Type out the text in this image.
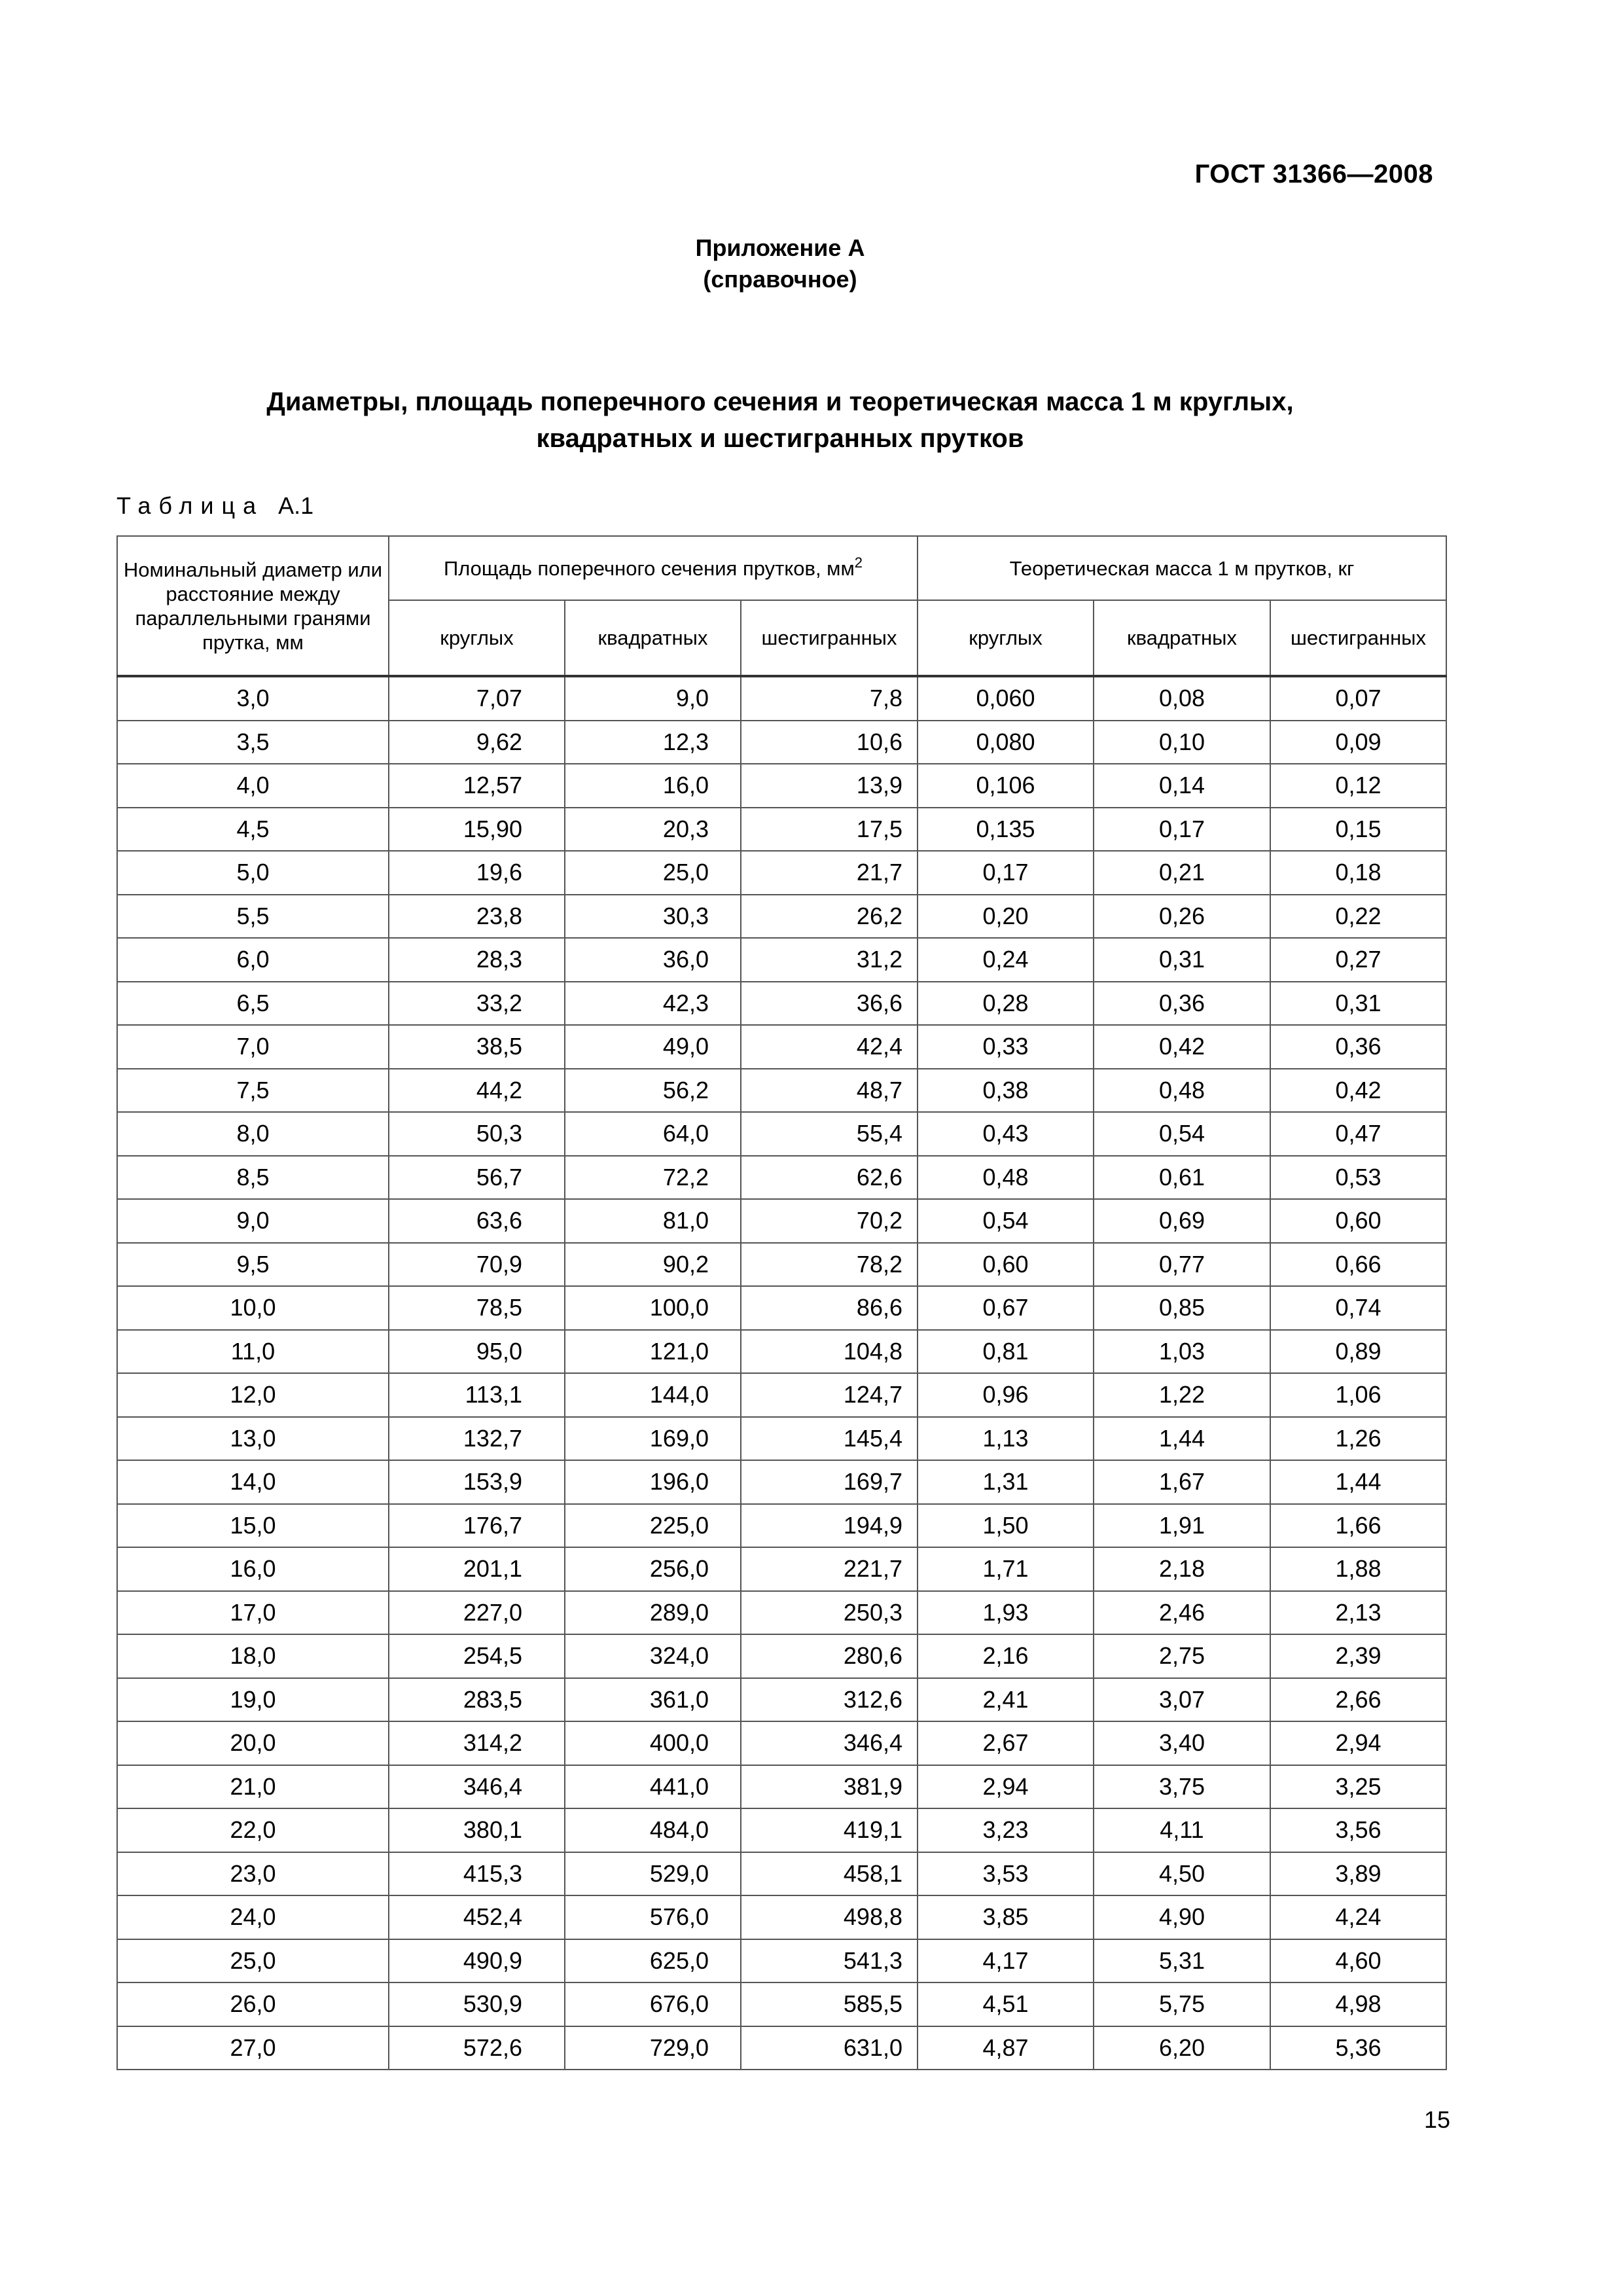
ГОСТ 31366—2008
Приложение А
(справочное)
Диаметры, площадь поперечного сечения и теоретическая масса 1 м круглых,
квадратных и шестигранных прутков
Таблица А.1
Номинальный диаметр или расстояние между параллельными гранями прутка, мм	Площадь поперечного сечения прутков, $мм^2$			Теоретическая масса 1 м прутков, кг		
	круглых	квадратных	шестигранных	круглых	квадратных	шестигранных
3,0	7,07	9,0	7,8	0,060	0,08	0,07
3,5	9,62	12,3	10,6	0,080	0,10	0,09
4,0	12,57	16,0	13,9	0,106	0,14	0,12
4,5	15,90	20,3	17,5	0,135	0,17	0,15
5,0	19,6	25,0	21,7	0,17	0,21	0,18
5,5	23,8	30,3	26,2	0,20	0,26	0,22
6,0	28,3	36,0	31,2	0,24	0,31	0,27
6,5	33,2	42,3	36,6	0,28	0,36	0,31
7,0	38,5	49,0	42,4	0,33	0,42	0,36
7,5	44,2	56,2	48,7	0,38	0,48	0,42
8,0	50,3	64,0	55,4	0,43	0,54	0,47
8,5	56,7	72,2	62,6	0,48	0,61	0,53
9,0	63,6	81,0	70,2	0,54	0,69	0,60
9,5	70,9	90,2	78,2	0,60	0,77	0,66
10,0	78,5	100,0	86,6	0,67	0,85	0,74
11,0	95,0	121,0	104,8	0,81	1,03	0,89
12,0	113,1	144,0	124,7	0,96	1,22	1,06
13,0	132,7	169,0	145,4	1,13	1,44	1,26
14,0	153,9	196,0	169,7	1,31	1,67	1,44
15,0	176,7	225,0	194,9	1,50	1,91	1,66
16,0	201,1	256,0	221,7	1,71	2,18	1,88
17,0	227,0	289,0	250,3	1,93	2,46	2,13
18,0	254,5	324,0	280,6	2,16	2,75	2,39
19,0	283,5	361,0	312,6	2,41	3,07	2,66
20,0	314,2	400,0	346,4	2,67	3,40	2,94
21,0	346,4	441,0	381,9	2,94	3,75	3,25
22,0	380,1	484,0	419,1	3,23	4,11	3,56
23,0	415,3	529,0	458,1	3,53	4,50	3,89
24,0	452,4	576,0	498,8	3,85	4,90	4,24
25,0	490,9	625,0	541,3	4,17	5,31	4,60
26,0	530,9	676,0	585,5	4,51	5,75	4,98
27,0	572,6	729,0	631,0	4,87	6,20	5,36
15
